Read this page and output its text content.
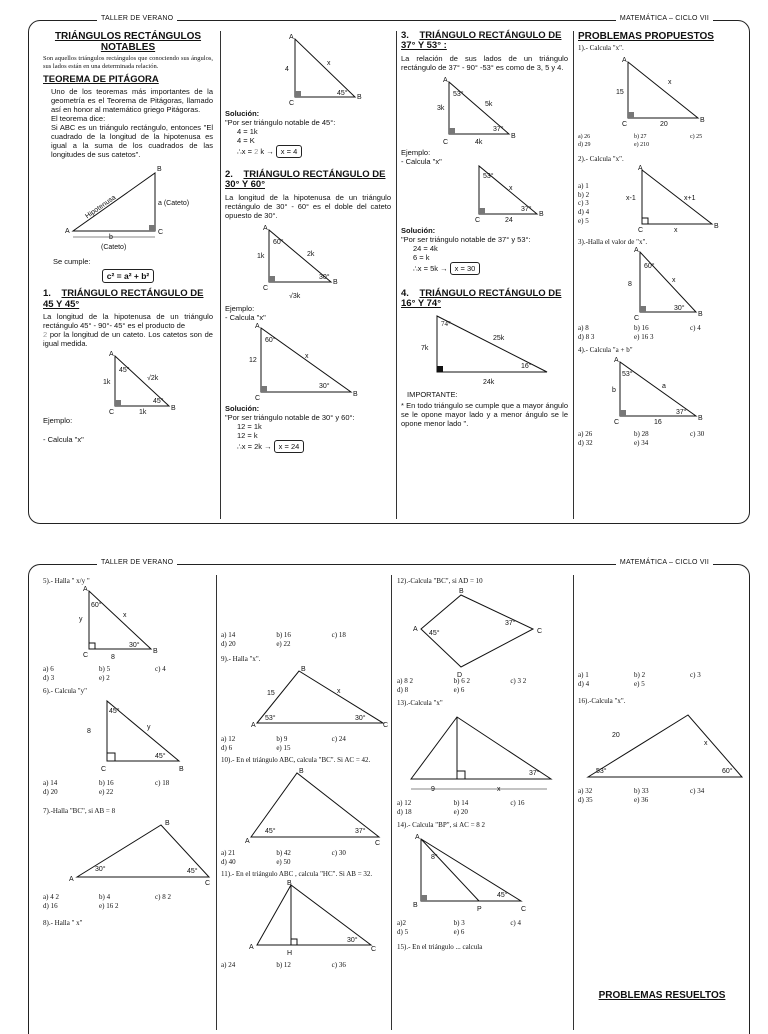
TALLER DE VERANO	MATEMÁTICA – CICLO VII
TRIÁNGULOS RECTÁNGULOS NOTABLES

Son aquellos triángulos rectángulos que conociendo sus ángulos, sus lados están en una determinada relación.

TEOREMA DE PITÁGORA

Uno de los teoremas más importantes de la geometría es el Teorema de Pitágoras, llamado así en honor al matemático griego Pitágoras.
El teorema dice:
Si ABC es un triángulo rectángulo, entonces "El cuadrado de la longitud de la hipotenusa es igual a la suma de los cuadrados de las longitudes de sus catetos".

A
B
C
Hipotenusa	a (Cateto)
b
(Cateto)
Se cumple:
c² = a² + b²
1. TRIÁNGULO RECTÁNGULO DE 45 Y 45°

La longitud de la hipotenusa de un triángulo rectángulo 45° - 90°- 45° es el producto de
2 por la longitud de un cateto. Los catetos son de igual medida.

A
45°
1k
√2k
45°
C	1k
B
Ejemplo:
- Calcula "x"
A
4
x
45°
C
B
Solución:
"Por ser triángulo notable de 45°:
4 = 1k
4 = K
∴x = 2 k → x = 4
2. TRIÁNGULO RECTÁNGULO DE 30° Y 60°

La longitud de la hipotenusa de un triángulo rectángulo de 30° - 60° es el doble del cateto opuesto de 30°.

A
60°
1k	2k
30°
C
B
√3k
Ejemplo:
- Calcula "x"
A
60°
12
x
30°
C
B
Solución:
"Por ser triángulo notable de 30° y 60°:
12 = 1k
12 = k
∴x = 2k → x = 24
3. TRIÁNGULO RECTÁNGULO DE 37° Y 53° :

La relación de sus lados de un triángulo rectángulo de 37° - 90° -53° es como de 3, 5 y 4.

A
53°
3k
5k
37°
C	4k
B
Ejemplo:
- Calcula "x"
53°
x
37°
C	24
B
Solución:
"Por ser triángulo notable de 37° y 53°:
24 = 4k
6 = k
∴x = 5k → x = 30
4. TRIÁNGULO RECTÁNGULO DE 16° Y 74°
74°
7k
25k
16°
24k
IMPORTANTE:

* En todo triángulo se cumple que a mayor ángulo se le opone mayor lado y a menor ángulo se le opone menor lado ".

PROBLEMAS PROPUESTOS
1).- Calcula "x".
A
15
x
C	20
B
a) 26	b) 27	c) 25
d) 29	e) 210
2).- Calcula "x".
a) 1
b) 2
c) 3
d) 4
e) 5
A
x-1	x+1
C	x
B
3).-Halla el valor de "x".
A
60°
8
x
30°
C
B
a) 8	b) 16	c) 4
d) 8 3	e) 16 3
4).- Calcula "a + b"
A
53°
b
a
37°
C	16
B
a) 26	b) 28	c) 30
d) 32	e) 34
TALLER DE VERANO	MATEMÁTICA – CICLO VII
5).- Halla " x/y "
A
60°
y
x
30°
C	8
B
a) 6	b) 5	c) 4
d) 3	e) 2
6).- Calcula "y"
45°
8
y
45°
C	B
a) 14	b) 16	c) 18
d) 20	e) 22
7).-Halla "BC", si AB = 8
B
A
30°	45°
C
a) 4 2	b) 4	c) 8 2
d) 16	e) 16 2
8).- Halla " x"
a) 14	b) 16	c) 18
d) 20	e) 22
9).- Halla "x".
A
B
C
15	x
53°	30°
a) 12	b) 9	c) 24
d) 6	e) 15
10).- En el triángulo ABC, calcula "BC". Si AC = 42.
B
A	C
45°	37°
a) 21	b) 42	c) 30
d) 40	e) 50
11).- En el triángulo ABC , calcula "HC". Si AB = 32.
B
A
H
30°
C
a) 24	b) 12	c) 36
12).-Calcula "BC", si AD = 10
B
A	C
D
45°
37°
a) 8 2	b) 6 2	c) 3 2
d) 8	e) 6
13).-Calcula "x"
37°
9	x
a) 12	b) 14	c) 16
d) 18	e) 20
14).- Calcula "BP", si AC = 8 2
A
8°
B
P
45°
C
a)2	b) 3	c) 4
d) 5	e) 6
15).- En el triángulo ... calcula
a) 1	b) 2	c) 3
d) 4	e) 5
16).-Calcula "x".
20
x
53°	60°
a) 32	b) 33	c) 34
d) 35	e) 36
PROBLEMAS RESUELTOS
